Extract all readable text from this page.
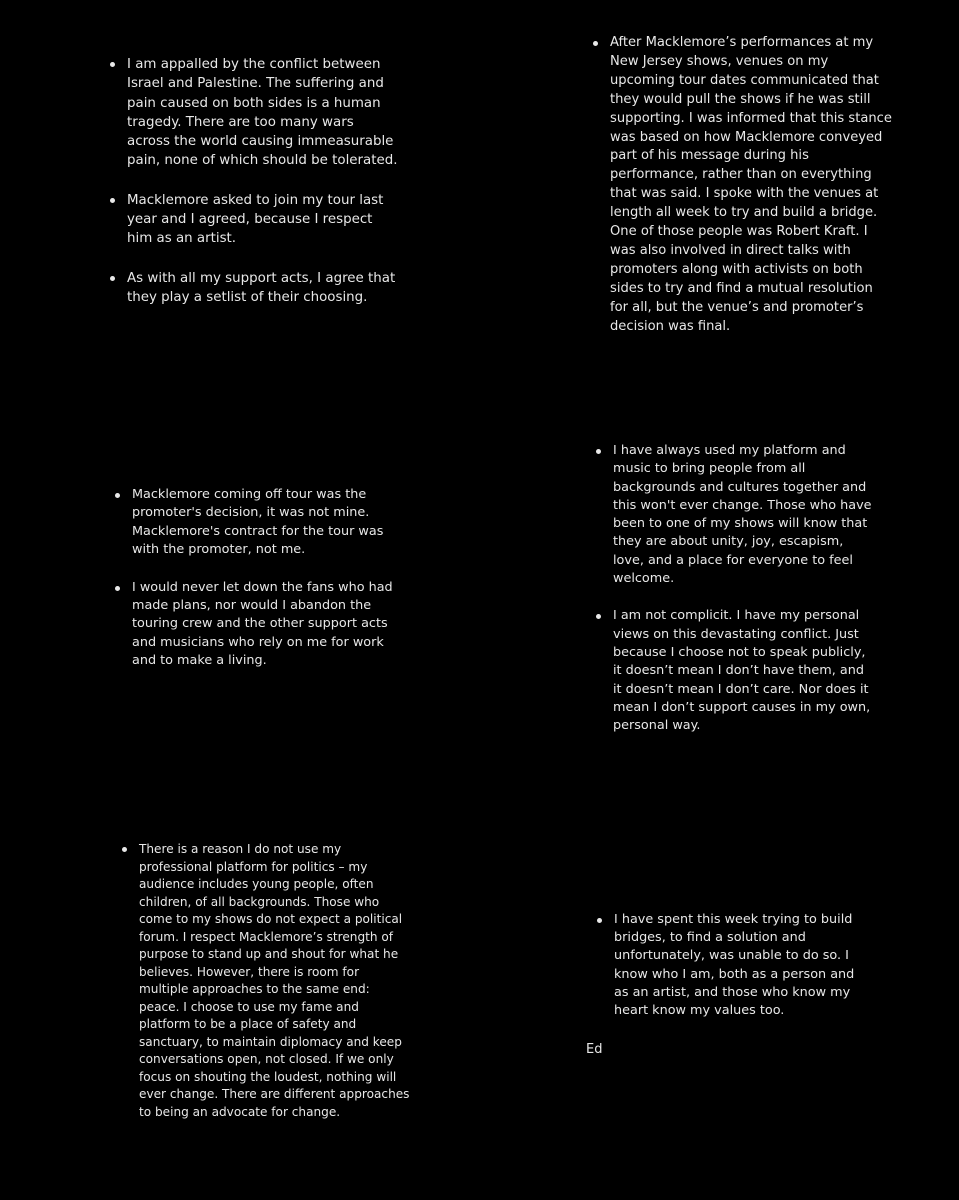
I am appalled by the conflict between Israel and Palestine. The suffering and pain caused on both sides is a human tragedy. There are too many wars across the world causing immeasurable pain, none of which should be tolerated.
Macklemore asked to join my tour last year and I agreed, because I respect him as an artist.
As with all my support acts, I agree that they play a setlist of their choosing.
After Macklemore’s performances at my New Jersey shows, venues on my upcoming tour dates communicated that they would pull the shows if he was still supporting. I was informed that this stance was based on how Macklemore conveyed part of his message during his performance, rather than on everything that was said. I spoke with the venues at length all week to try and build a bridge. One of those people was Robert Kraft. I was also involved in direct talks with promoters along with activists on both sides to try and find a mutual resolution for all, but the venue’s and promoter’s decision was final.
Macklemore coming off tour was the promoter's decision, it was not mine. Macklemore's contract for the tour was with the promoter, not me.
I would never let down the fans who had made plans, nor would I abandon the touring crew and the other support acts and musicians who rely on me for work and to make a living.
I have always used my platform and music to bring people from all backgrounds and cultures together and this won't ever change. Those who have been to one of my shows will know that they are about unity, joy, escapism, love, and a place for everyone to feel welcome.
I am not complicit. I have my personal views on this devastating conflict. Just because I choose not to speak publicly, it doesn’t mean I don’t have them, and it doesn’t mean I don’t care. Nor does it mean I don’t support causes in my own, personal way.
There is a reason I do not use my professional platform for politics – my audience includes young people, often children, of all backgrounds. Those who come to my shows do not expect a political forum. I respect Macklemore’s strength of purpose to stand up and shout for what he believes. However, there is room for multiple approaches to the same end: peace. I choose to use my fame and platform to be a place of safety and sanctuary, to maintain diplomacy and keep conversations open, not closed. If we only focus on shouting the loudest, nothing will ever change. There are different approaches to being an advocate for change.
I have spent this week trying to build bridges, to find a solution and unfortunately, was unable to do so. I know who I am, both as a person and as an artist, and those who know my heart know my values too.

Ed
